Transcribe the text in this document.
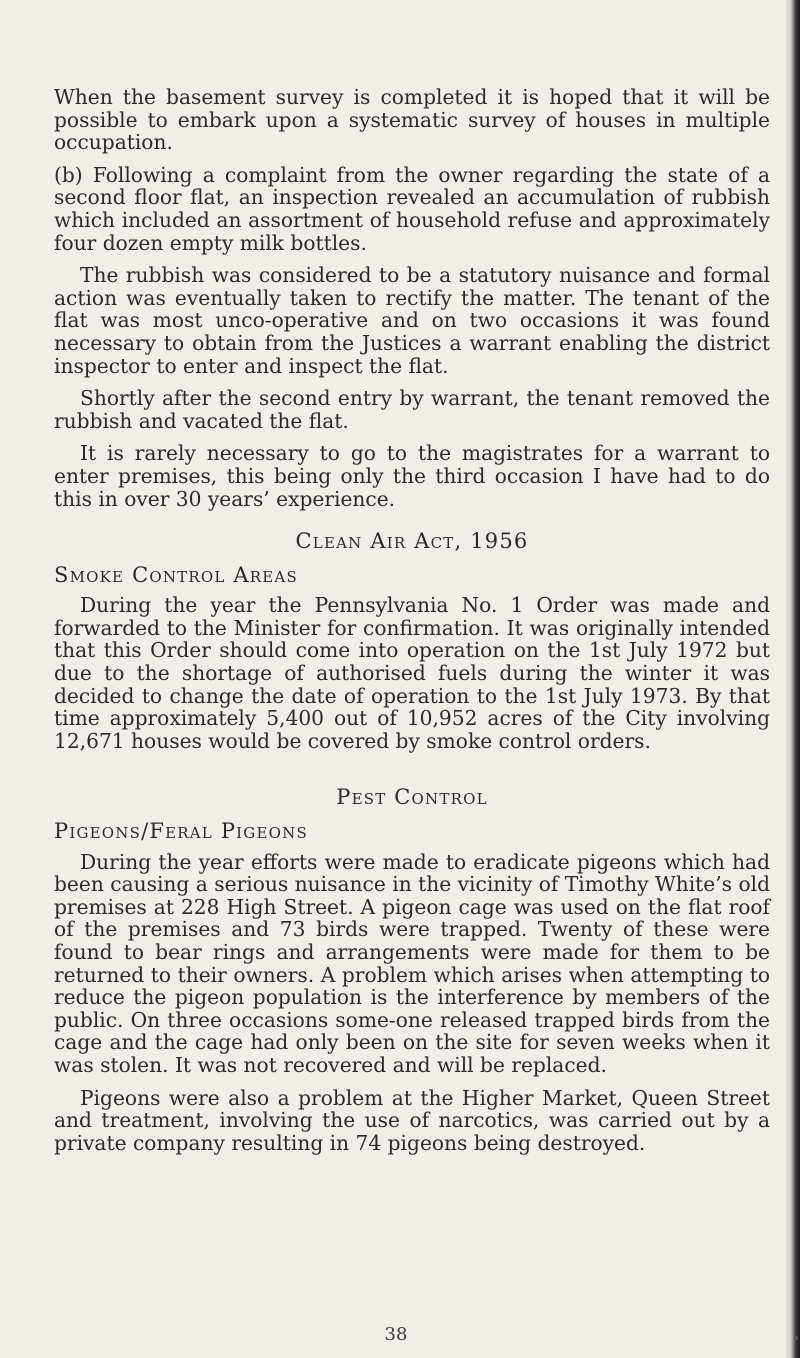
When the basement survey is completed it is hoped that it will be possible to embark upon a systematic survey of houses in multiple occupation.

(b) Following a complaint from the owner regarding the state of a second floor flat, an inspection revealed an accumulation of rubbish which included an assortment of household refuse and approximately four dozen empty milk bottles.

The rubbish was considered to be a statutory nuisance and formal action was eventually taken to rectify the matter. The tenant of the flat was most unco-operative and on two occasions it was found necessary to obtain from the Justices a warrant enabling the district inspector to enter and inspect the flat.

Shortly after the second entry by warrant, the tenant removed the rubbish and vacated the flat.

It is rarely necessary to go to the magistrates for a warrant to enter premises, this being only the third occasion I have had to do this in over 30 years’ experience.

Clean Air Act, 1956
Smoke Control Areas

During the year the Pennsylvania No. 1 Order was made and forwarded to the Minister for confirmation. It was originally intended that this Order should come into operation on the 1st July 1972 but due to the shortage of authorised fuels during the winter it was decided to change the date of operation to the 1st July 1973. By that time approximately 5,400 out of 10,952 acres of the City involving 12,671 houses would be covered by smoke control orders.

Pest Control
Pigeons/Feral Pigeons

During the year efforts were made to eradicate pigeons which had been causing a serious nuisance in the vicinity of Timothy White’s old premises at 228 High Street. A pigeon cage was used on the flat roof of the premises and 73 birds were trapped. Twenty of these were found to bear rings and arrangements were made for them to be returned to their owners. A problem which arises when attempting to reduce the pigeon population is the interference by members of the public. On three occasions some-one released trapped birds from the cage and the cage had only been on the site for seven weeks when it was stolen. It was not recovered and will be replaced.

Pigeons were also a problem at the Higher Market, Queen Street and treatment, involving the use of narcotics, was carried out by a private company resulting in 74 pigeons being destroyed.

38
